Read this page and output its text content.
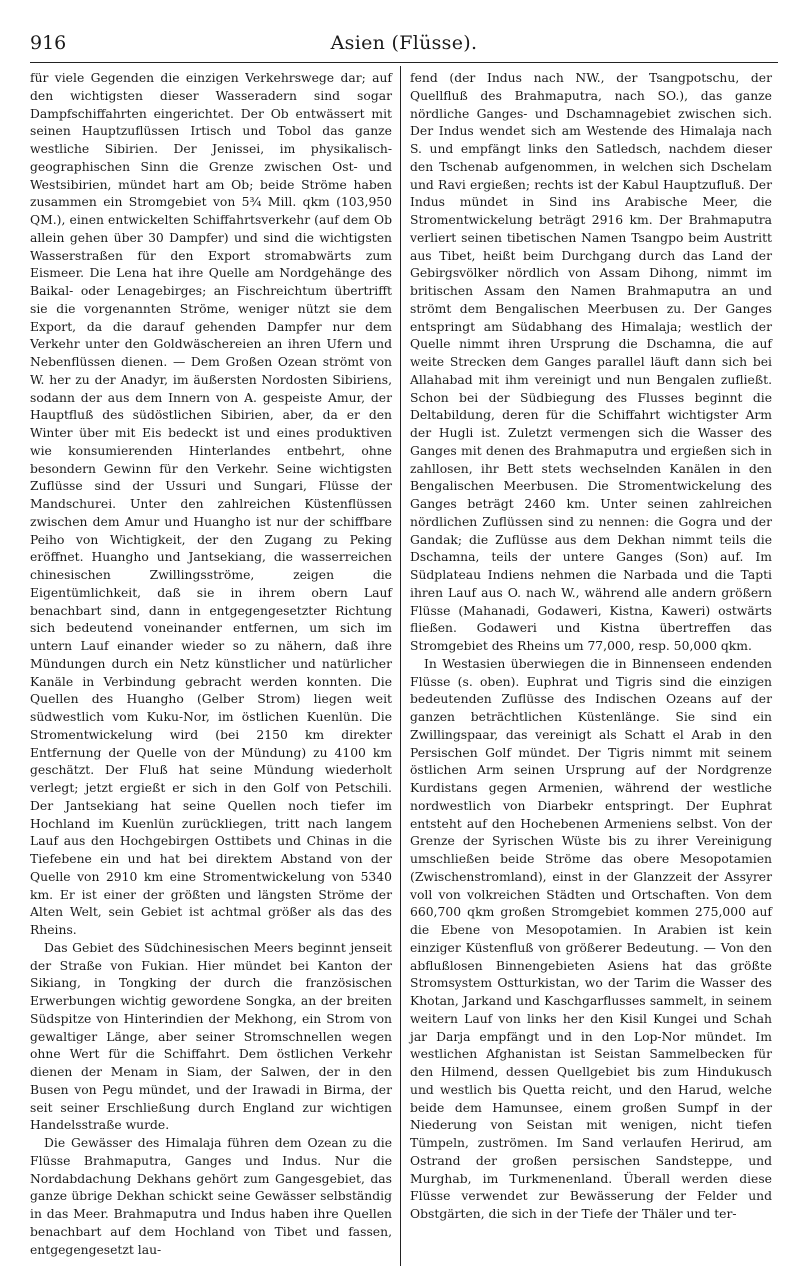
916	Asien (Flüsse).

für viele Gegenden die einzigen Verkehrswege dar; auf den wichtigsten dieser Wasseradern sind sogar Dampfschiffahrten eingerichtet. Der Ob entwässert mit seinen Hauptzuflüssen Irtisch und Tobol das ganze westliche Sibirien. Der Jenissei, im physikalisch-geographischen Sinn die Grenze zwischen Ost- und Westsibirien, mündet hart am Ob; beide Ströme haben zusammen ein Stromgebiet von 5¾ Mill. qkm (103,950 QM.), einen entwickelten Schiffahrtsverkehr (auf dem Ob allein gehen über 30 Dampfer) und sind die wichtigsten Wasserstraßen für den Export stromabwärts zum Eismeer. Die Lena hat ihre Quelle am Nordgehänge des Baikal- oder Lenagebirges; an Fischreichtum übertrifft sie die vorgenannten Ströme, weniger nützt sie dem Export, da die darauf gehenden Dampfer nur dem Verkehr unter den Goldwäschereien an ihren Ufern und Nebenflüssen dienen. — Dem Großen Ozean strömt von W. her zu der Anadyr, im äußersten Nordosten Sibiriens, sodann der aus dem Innern von A. gespeiste Amur, der Hauptfluß des südöstlichen Sibirien, aber, da er den Winter über mit Eis bedeckt ist und eines produktiven wie konsumierenden Hinterlandes entbehrt, ohne besondern Gewinn für den Verkehr. Seine wichtigsten Zuflüsse sind der Ussuri und Sungari, Flüsse der Mandschurei. Unter den zahlreichen Küstenflüssen zwischen dem Amur und Huangho ist nur der schiffbare Peiho von Wichtigkeit, der den Zugang zu Peking eröffnet. Huangho und Jantsekiang, die wasserreichen chinesischen Zwillingsströme, zeigen die Eigentümlichkeit, daß sie in ihrem obern Lauf benachbart sind, dann in entgegengesetzter Richtung sich bedeutend voneinander entfernen, um sich im untern Lauf einander wieder so zu nähern, daß ihre Mündungen durch ein Netz künstlicher und natürlicher Kanäle in Verbindung gebracht werden konnten. Die Quellen des Huangho (Gelber Strom) liegen weit südwestlich vom Kuku-Nor, im östlichen Kuenlün. Die Stromentwickelung wird (bei 2150 km direkter Entfernung der Quelle von der Mündung) zu 4100 km geschätzt. Der Fluß hat seine Mündung wiederholt verlegt; jetzt ergießt er sich in den Golf von Petschili. Der Jantsekiang hat seine Quellen noch tiefer im Hochland im Kuenlün zurückliegen, tritt nach langem Lauf aus den Hochgebirgen Osttibets und Chinas in die Tiefebene ein und hat bei direktem Abstand von der Quelle von 2910 km eine Stromentwickelung von 5340 km. Er ist einer der größten und längsten Ströme der Alten Welt, sein Gebiet ist achtmal größer als das des Rheins.

Das Gebiet des Südchinesischen Meers beginnt jenseit der Straße von Fukian. Hier mündet bei Kanton der Sikiang, in Tongking der durch die französischen Erwerbungen wichtig gewordene Songka, an der breiten Südspitze von Hinterindien der Mekhong, ein Strom von gewaltiger Länge, aber seiner Stromschnellen wegen ohne Wert für die Schiffahrt. Dem östlichen Verkehr dienen der Menam in Siam, der Salwen, der in den Busen von Pegu mündet, und der Irawadi in Birma, der seit seiner Erschließung durch England zur wichtigen Handelsstraße wurde.

Die Gewässer des Himalaja führen dem Ozean zu die Flüsse Brahmaputra, Ganges und Indus. Nur die Nordabdachung Dekhans gehört zum Gangesgebiet, das ganze übrige Dekhan schickt seine Gewässer selbständig in das Meer. Brahmaputra und Indus haben ihre Quellen benachbart auf dem Hochland von Tibet und fassen, entgegengesetzt lau-

fend (der Indus nach NW., der Tsangpotschu, der Quellfluß des Brahmaputra, nach SO.), das ganze nördliche Ganges- und Dschamnagebiet zwischen sich. Der Indus wendet sich am Westende des Himalaja nach S. und empfängt links den Satledsch, nachdem dieser den Tschenab aufgenommen, in welchen sich Dschelam und Ravi ergießen; rechts ist der Kabul Hauptzufluß. Der Indus mündet in Sind ins Arabische Meer, die Stromentwickelung beträgt 2916 km. Der Brahmaputra verliert seinen tibetischen Namen Tsangpo beim Austritt aus Tibet, heißt beim Durchgang durch das Land der Gebirgsvölker nördlich von Assam Dihong, nimmt im britischen Assam den Namen Brahmaputra an und strömt dem Bengalischen Meerbusen zu. Der Ganges entspringt am Südabhang des Himalaja; westlich der Quelle nimmt ihren Ursprung die Dschamna, die auf weite Strecken dem Ganges parallel läuft dann sich bei Allahabad mit ihm vereinigt und nun Bengalen zufließt. Schon bei der Südbiegung des Flusses beginnt die Deltabildung, deren für die Schiffahrt wichtigster Arm der Hugli ist. Zuletzt vermengen sich die Wasser des Ganges mit denen des Brahmaputra und ergießen sich in zahllosen, ihr Bett stets wechselnden Kanälen in den Bengalischen Meerbusen. Die Stromentwickelung des Ganges beträgt 2460 km. Unter seinen zahlreichen nördlichen Zuflüssen sind zu nennen: die Gogra und der Gandak; die Zuflüsse aus dem Dekhan nimmt teils die Dschamna, teils der untere Ganges (Son) auf. Im Südplateau Indiens nehmen die Narbada und die Tapti ihren Lauf aus O. nach W., während alle andern größern Flüsse (Mahanadi, Godaweri, Kistna, Kaweri) ostwärts fließen. Godaweri und Kistna übertreffen das Stromgebiet des Rheins um 77,000, resp. 50,000 qkm.

In Westasien überwiegen die in Binnenseen endenden Flüsse (s. oben). Euphrat und Tigris sind die einzigen bedeutenden Zuflüsse des Indischen Ozeans auf der ganzen beträchtlichen Küstenlänge. Sie sind ein Zwillingspaar, das vereinigt als Schatt el Arab in den Persischen Golf mündet. Der Tigris nimmt mit seinem östlichen Arm seinen Ursprung auf der Nordgrenze Kurdistans gegen Armenien, während der westliche nordwestlich von Diarbekr entspringt. Der Euphrat entsteht auf den Hochebenen Armeniens selbst. Von der Grenze der Syrischen Wüste bis zu ihrer Vereinigung umschließen beide Ströme das obere Mesopotamien (Zwischenstromland), einst in der Glanzzeit der Assyrer voll von volkreichen Städten und Ortschaften. Von dem 660,700 qkm großen Stromgebiet kommen 275,000 auf die Ebene von Mesopotamien. In Arabien ist kein einziger Küstenfluß von größerer Bedeutung. — Von den abflußlosen Binnengebieten Asiens hat das größte Stromsystem Ostturkistan, wo der Tarim die Wasser des Khotan, Jarkand und Kaschgarflusses sammelt, in seinem weitern Lauf von links her den Kisil Kungei und Schah jar Darja empfängt und in den Lop-Nor mündet. Im westlichen Afghanistan ist Seistan Sammelbecken für den Hilmend, dessen Quellgebiet bis zum Hindukusch und westlich bis Quetta reicht, und den Harud, welche beide dem Hamunsee, einem großen Sumpf in der Niederung von Seistan mit wenigen, nicht tiefen Tümpeln, zuströmen. Im Sand verlaufen Herirud, am Ostrand der großen persischen Sandsteppe, und Murghab, im Turkmenenland. Überall werden diese Flüsse verwendet zur Bewässerung der Felder und Obstgärten, die sich in der Tiefe der Thäler und ter-
